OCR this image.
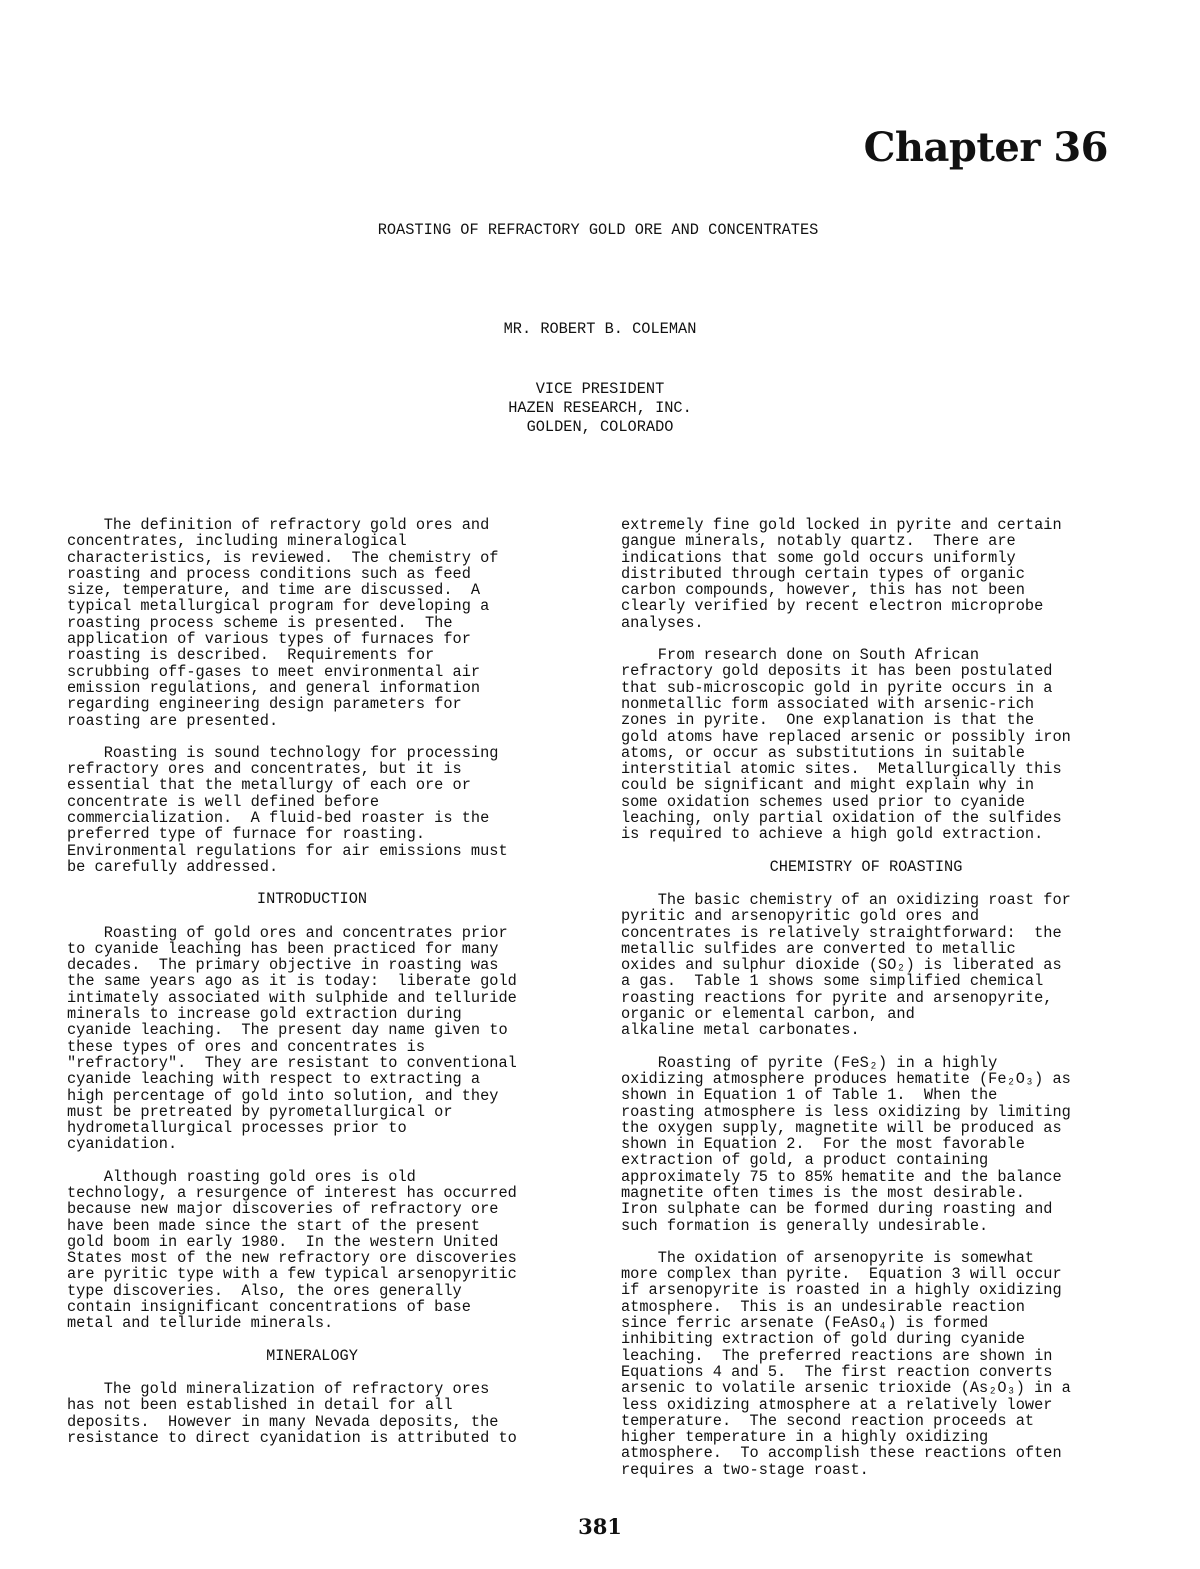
Chapter 36
ROASTING OF REFRACTORY GOLD ORE AND CONCENTRATES
MR. ROBERT B. COLEMAN
VICE PRESIDENT
HAZEN RESEARCH, INC.
GOLDEN, COLORADO

The definition of refractory gold ores and
concentrates, including mineralogical
characteristics, is reviewed.  The chemistry of
roasting and process conditions such as feed
size, temperature, and time are discussed.  A
typical metallurgical program for developing a
roasting process scheme is presented.  The
application of various types of furnaces for
roasting is described.  Requirements for
scrubbing off-gases to meet environmental air
emission regulations, and general information
regarding engineering design parameters for
roasting are presented.

Roasting is sound technology for processing
refractory ores and concentrates, but it is
essential that the metallurgy of each ore or
concentrate is well defined before
commercialization.  A fluid-bed roaster is the
preferred type of furnace for roasting.
Environmental regulations for air emissions must
be carefully addressed.

INTRODUCTION

Roasting of gold ores and concentrates prior
to cyanide leaching has been practiced for many
decades.  The primary objective in roasting was
the same years ago as it is today:  liberate gold
intimately associated with sulphide and telluride
minerals to increase gold extraction during
cyanide leaching.  The present day name given to
these types of ores and concentrates is
"refractory".  They are resistant to conventional
cyanide leaching with respect to extracting a
high percentage of gold into solution, and they
must be pretreated by pyrometallurgical or
hydrometallurgical processes prior to
cyanidation.

Although roasting gold ores is old
technology, a resurgence of interest has occurred
because new major discoveries of refractory ore
have been made since the start of the present
gold boom in early 1980.  In the western United
States most of the new refractory ore discoveries
are pyritic type with a few typical arsenopyritic
type discoveries.  Also, the ores generally
contain insignificant concentrations of base
metal and telluride minerals.

MINERALOGY

The gold mineralization of refractory ores
has not been established in detail for all
deposits.  However in many Nevada deposits, the
resistance to direct cyanidation is attributed to

extremely fine gold locked in pyrite and certain
gangue minerals, notably quartz.  There are
indications that some gold occurs uniformly
distributed through certain types of organic
carbon compounds, however, this has not been
clearly verified by recent electron microprobe
analyses.

From research done on South African
refractory gold deposits it has been postulated
that sub-microscopic gold in pyrite occurs in a
nonmetallic form associated with arsenic-rich
zones in pyrite.  One explanation is that the
gold atoms have replaced arsenic or possibly iron
atoms, or occur as substitutions in suitable
interstitial atomic sites.  Metallurgically this
could be significant and might explain why in
some oxidation schemes used prior to cyanide
leaching, only partial oxidation of the sulfides
is required to achieve a high gold extraction.

CHEMISTRY OF ROASTING

The basic chemistry of an oxidizing roast for
pyritic and arsenopyritic gold ores and
concentrates is relatively straightforward:  the
metallic sulfides are converted to metallic
oxides and sulphur dioxide (SO₂) is liberated as
a gas.  Table 1 shows some simplified chemical
roasting reactions for pyrite and arsenopyrite,
organic or elemental carbon, and
alkaline metal carbonates.

Roasting of pyrite (FeS₂) in a highly
oxidizing atmosphere produces hematite (Fe₂O₃) as
shown in Equation 1 of Table 1.  When the
roasting atmosphere is less oxidizing by limiting
the oxygen supply, magnetite will be produced as
shown in Equation 2.  For the most favorable
extraction of gold, a product containing
approximately 75 to 85% hematite and the balance
magnetite often times is the most desirable.
Iron sulphate can be formed during roasting and
such formation is generally undesirable.

The oxidation of arsenopyrite is somewhat
more complex than pyrite.  Equation 3 will occur
if arsenopyrite is roasted in a highly oxidizing
atmosphere.  This is an undesirable reaction
since ferric arsenate (FeAsO₄) is formed
inhibiting extraction of gold during cyanide
leaching.  The preferred reactions are shown in
Equations 4 and 5.  The first reaction converts
arsenic to volatile arsenic trioxide (As₂O₃) in a
less oxidizing atmosphere at a relatively lower
temperature.  The second reaction proceeds at
higher temperature in a highly oxidizing
atmosphere.  To accomplish these reactions often
requires a two-stage roast.

381
